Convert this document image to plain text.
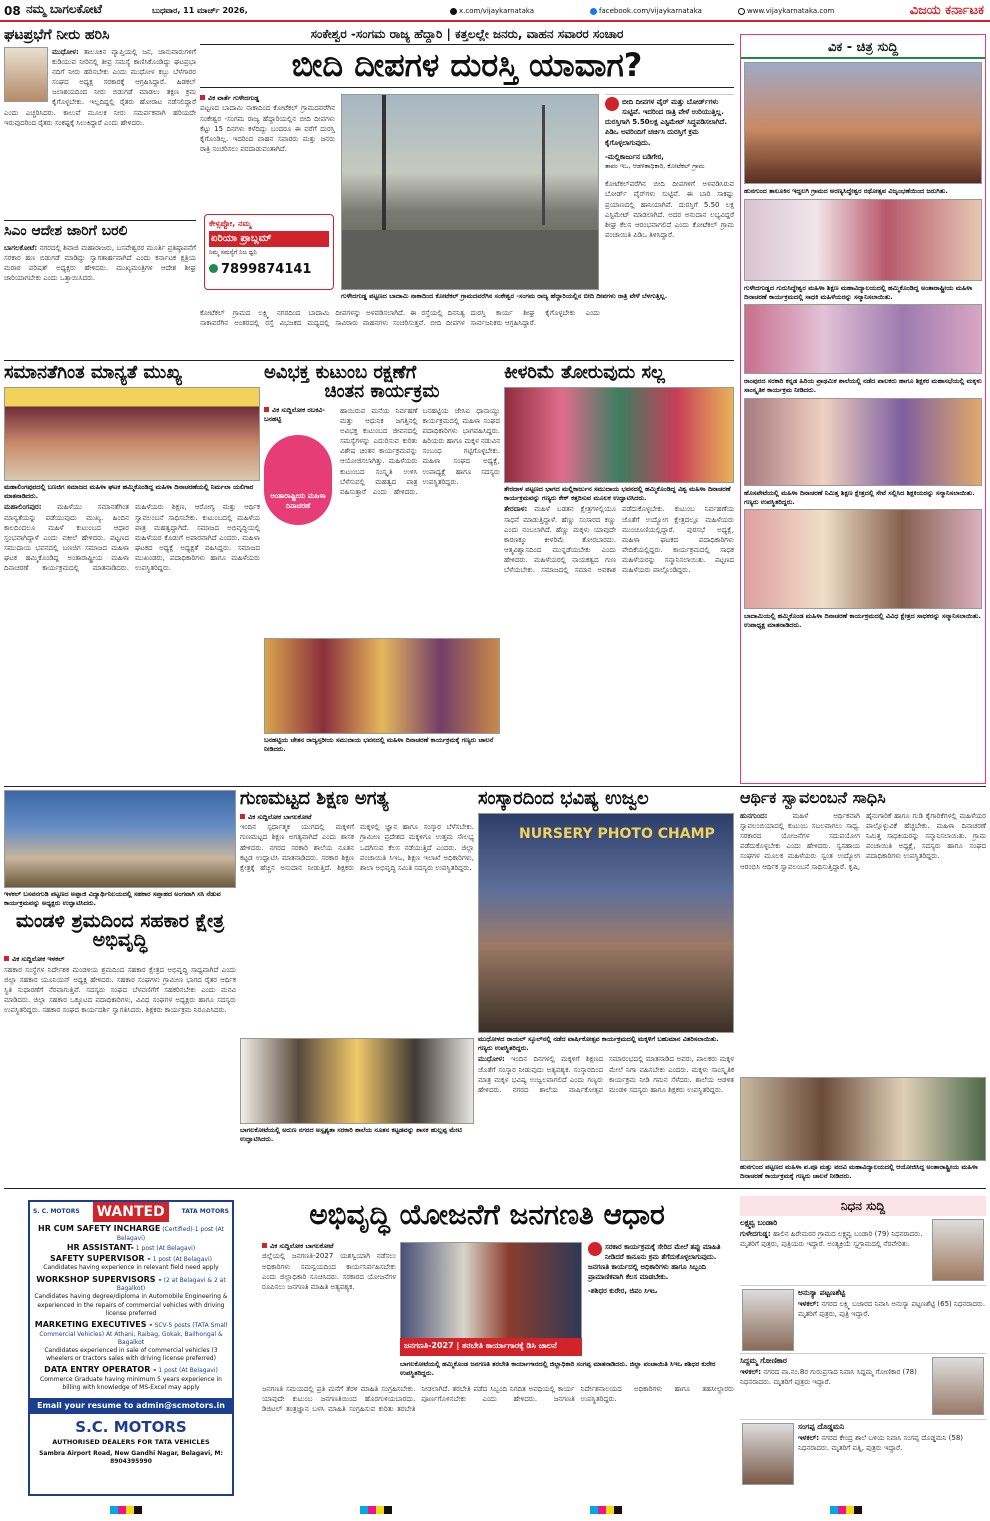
08 ನಮ್ಮ ಬಾಗಲಕೋಟೆ	ಬುಧವಾರ, 11 ಮಾರ್ಚ್ 2026,	x.com/vijaykarnataka	facebook.com/vijaykarnataka	www.vijaykarnataka.com	ವಿಜಯ ಕರ್ನಾಟಕ
ಘಟಪ್ರಭೆಗೆ ನೀರು ಹರಿಸಿ
ಮುಧೋಳ: ತಾಲೂಕಿನ ವ್ಯಾಪ್ತಿಯಲ್ಲಿ ಜನ, ಜಾನುವಾರುಗಳಿಗೆ ಕುಡಿಯುವ ನೀರಿನಲ್ಲಿ ತೀವ್ರ ಸಮಸ್ಯೆ ಕಾಣಿಸಿಕೊಂಡಿದ್ದು ಘಟಪ್ರಭಾ ನದಿಗೆ ನೀರು ಹರಿಸಬೇಕು ಎಂದು ಮುಧೋಳ ಕಬ್ಬು ಬೆಳೆಗಾರರ ಸಂಘದ ಅಧ್ಯಕ್ಷ ಸರಕಾರಕ್ಕೆ ಆಗ್ರಹಿಸಿದ್ದಾರೆ. ಹಿಡಕಲ್ ಜಲಾಶಯದಿಂದ ನೀರು ಬಿಡುಗಡೆ ಮಾಡಲು ತಕ್ಷಣ ಕ್ರಮ ಕೈಗೊಳ್ಳಬೇಕು. ಇಲ್ಲದಿದ್ದಲ್ಲಿ ರೈತರು ಹೋರಾಟ ನಡೆಸಲಿದ್ದಾರೆ ಎಂದು ಎಚ್ಚರಿಸಿದರು. ಕಾಲುವೆ ಮೂಲಕ ನೀರು ಸಮರ್ಪಕವಾಗಿ ಹರಿಯದೇ ಇರುವುದರಿಂದ ರೈತರು ಸಂಕಷ್ಟಕ್ಕೆ ಸಿಲುಕಿದ್ದಾರೆ ಎಂದು ಹೇಳಿದರು.
ಸಿಎಂ ಆದೇಶ ಜಾರಿಗೆ ಬರಲಿ
ಬಾಗಲಕೋಟೆ: ನಗರದಲ್ಲಿ ಶಿವಾಜಿ ಮಹಾರಾಜರು, ಬಸವೇಶ್ವರರ ಮೂರ್ತಿ ಪ್ರತಿಷ್ಠಾಪನೆಗೆ ಸರಕಾರ ಹಣ ಬಿಡುಗಡೆ ಮಾಡಿದ್ದು ಸ್ವಾಗತಾರ್ಹವಾಗಿದೆ ಎಂದು ಕರ್ನಾಟಕ ಕ್ಷತ್ರಿಯ ಮರಾಠ ಪರಿಷತ್ ಅಧ್ಯಕ್ಷರು ಹೇಳಿದರು. ಮುಖ್ಯಮಂತ್ರಿಗಳ ಆದೇಶ ಶೀಘ್ರ ಜಾರಿಯಾಗಬೇಕು ಎಂದು ಒತ್ತಾಯಿಸಿದರು.
ಸಂಕೇಶ್ವರ -ಸಂಗಮ ರಾಜ್ಯ ಹೆದ್ದಾರಿ | ಕತ್ತಲಲ್ಲೇ ಜನರು, ವಾಹನ ಸವಾರರ ಸಂಚಾರ
ಬೀದಿ ದೀಪಗಳ ದುರಸ್ತಿ ಯಾವಾಗ?
ವಿಕ ವಾರ್ತೆ ಗುಳೇದಗುಡ್ಡ
ಪಟ್ಟಣದ ಬಾದಾಮಿ ನಾಕಾದಿಂದ ಕೋಟೆಕಲ್ ಗ್ರಾಮದವರೆಗಿನ ಸಂಕೇಶ್ವರ -ಸಂಗಮ ರಾಜ್ಯ ಹೆದ್ದಾರಿಯಲ್ಲಿನ ಬೀದಿ ದೀಪಗಳು ಕೆಟ್ಟು 15 ದಿನಗಳು ಕಳೆದಿದ್ದು ಬಂದರೂ ಈ ವರೆಗೆ ದುರಸ್ತಿ ಕೈಗೊಂಡಿಲ್ಲ. ಇದರಿಂದ ವಾಹನ ಸವಾರರು ಮತ್ತು ಜನರು ರಾತ್ರಿ ಸಂಚರಿಸಲು ಪರದಾಡುವಂತಾಗಿದೆ.
ಕೇಳ್ಸಪ್ಪೋ, ನಮ್ಮ
ಏರಿಯಾ ಪ್ರಾಬ್ಲಮ್
ನಿಮ್ಮ ಸಮಸ್ಯೆಗೆ ನಿಜ ಧ್ವನಿ
7899874141
ಬೀದಿ ದೀಪಗಳ ವೈರ್ ಮತ್ತು ಬೋರ್ಡ್‌ಗಳು ಸುಟ್ಟಿವೆ. ಇದರಿಂದ ರಾತ್ರಿ ವೇಳೆ ಉರಿಯುತ್ತಿಲ್ಲ. ದುರಸ್ತಿಗಾಗಿ 5.50ಲಕ್ಷ ಎಸ್ಟಿಮೇಟ್ ಸಿದ್ಧಪಡಿಸಲಾಗಿದೆ. ಪಿಡಿಒ ಅವರಿಂದಿಗೆ ಚರ್ಚಿಸಿ ದುರಸ್ತಿಗೆ ಕ್ರಮ ಕೈಗೊಳ್ಳಲಾಗುವುದು.
-ಮಲ್ಲಿಕಾರ್ಜುನ ಬಡಿಗೇರ,
ತಾಪಂ ಇಒ, ಆಡಳಿತಾಧಿಕಾರಿ, ಕೋಟೆಕಲ್ ಗ್ರಾಮ
ಕೋಟೆಕಲ್‌ವರೆಗಿನ ಬೀದಿ ದೀಪಗಳಿಗೆ ಅಳವಡಿಸಿರುವ ಬೋರ್ಡ್ ವೈರ್‌ಗಳು ಸುಟ್ಟಿವೆ. ಈ ಬಾರಿ ಸಾಕಷ್ಟು ಪ್ರಯಾಣದಲ್ಲಿ ಹಾನಿಯಾಗಿವೆ. ದುರಸ್ತಿಗೆ 5.50 ಲಕ್ಷ ಎಸ್ಟಿಮೇಟ್ ಮಾಡಲಾಗಿದೆ. ಅದರ ಅನುದಾನ ಲಭ್ಯವಿದ್ದರೆ ಶೀಘ್ರ ಕೆಲಸ ಆರಂಭವಾಗಲಿದೆ ಎಂದು ಕೋಟೆಕಲ್ ಗ್ರಾಮ ಪಂಚಾಯಿತಿ ಪಿಡಿಒ ತಿಳಿಸಿದ್ದಾರೆ.
ಗುಳೇದಗುಡ್ಡ ಪಟ್ಟಣದ ಬಾದಾಮಿ ನಾಕಾದಿಂದ ಕೋಟೆಕಲ್ ಗ್ರಾಮದವರೆಗಿನ ಸಂಕೇಶ್ವರ -ಸಂಗಮ ರಾಜ್ಯ ಹೆದ್ದಾರಿಯಲ್ಲಿನ ಬೀದಿ ದೀಪಗಳು ರಾತ್ರಿ ವೇಳೆ ಬೆಳಗುತ್ತಿಲ್ಲ.
ಕೋಟೆಕಲ್ ಗ್ರಾಮದ ಲಕ್ಷ್ಮಿ ನಗರದಿಂದ ಬಾದಾಮಿ ನಾಕಾವರೆಗಿನ ಅಂತರದಲ್ಲಿ ರಸ್ತೆ ವಿಭಜಕದ ಮಧ್ಯದಲ್ಲಿ ದೀಪಗಳನ್ನು ಅಳವಡಿಸಲಾಗಿದೆ. ಈ ರಸ್ತೆಯಲ್ಲಿ ದಿನನಿತ್ಯ ಸಾವಿರಾರು ವಾಹನಗಳು ಸಂಚರಿಸುತ್ತವೆ. ಬೀದಿ ದೀಪಗಳ ದುರಸ್ತಿ ಕಾರ್ಯ ಶೀಘ್ರ ಕೈಗೊಳ್ಳಬೇಕು ಎಂದು ಸಾರ್ವಜನಿಕರು ಆಗ್ರಹಿಸಿದ್ದಾರೆ.
ವಿಕ - ಚಿತ್ರ ಸುದ್ದಿ
ಹುನಗುಂದ ತಾಲೂಕಿನ ಇದ್ದಲಗಿ ಗ್ರಾಮದ ಅರಣ್ಯಸಿದ್ಧೇಶ್ವರ ರಥೋತ್ಸವ ವಿಜೃಂಭಣೆಯಿಂದ ಜರುಗಿತು.
ಗುಳೇದಗುಡ್ಡದ ಗುರುಸಿದ್ಧೇಶ್ವರ ಮಹಿಳಾ ಶಿಕ್ಷಣ ಮಹಾವಿದ್ಯಾಲಯದಲ್ಲಿ ಹಮ್ಮಿಕೊಂಡಿದ್ದ ಅಂತಾರಾಷ್ಟ್ರೀಯ ಮಹಿಳಾ ದಿನಾಚರಣೆ ಕಾರ್ಯಕ್ರಮದಲ್ಲಿ ಸಾಧಕಿ ಮಹಿಳೆಯರನ್ನು ಸನ್ಮಾನಿಸಲಾಯಿತು.
ರಾಂಪುರದ ಸರಕಾರಿ ಕನ್ನಡ ಹಿರಿಯ ಪ್ರಾಥಮಿಕ ಶಾಲೆಯಲ್ಲಿ ನಡೆದ ಪಾಲಕರು ಹಾಗೂ ಶಿಕ್ಷಕರ ಮಹಾಸಭೆಯಲ್ಲಿ ಮಕ್ಕಳು ಸಾಂಸ್ಕೃತಿಕ ಕಾರ್ಯಕ್ರಮ ನೀಡಿದರು.
ಹೊಸಪೇಟೆಯಲ್ಲಿ ಮಹಿಳಾ ದಿನಾಚರಣೆ ನಿಮಿತ್ತ ಶಿಕ್ಷಣ ಕ್ಷೇತ್ರದಲ್ಲಿ ಸೇವೆ ಸಲ್ಲಿಸಿದ ಶಿಕ್ಷಕಿಯರನ್ನು ಸನ್ಮಾನಿಸಲಾಯಿತು. ಗಣ್ಯರು ಉಪಸ್ಥಿತರಿದ್ದರು.
ಬಾದಾಮಿಯಲ್ಲಿ ಹಮ್ಮಿಕೊಂಡ ಮಹಿಳಾ ದಿನಾಚರಣೆ ಕಾರ್ಯಕ್ರಮದಲ್ಲಿ ವಿವಿಧ ಕ್ಷೇತ್ರದ ಸಾಧಕರನ್ನು ಸನ್ಮಾನಿಸಲಾಯಿತು. ಉಪಾಧ್ಯಕ್ಷ ಮಾತನಾಡಿದರು.
ಸಮಾನತೆಗಿಂತ ಮಾನ್ಯತೆ ಮುಖ್ಯ
ಮಹಾಲಿಂಗಪುರದಲ್ಲಿ ಬಣಜಿಗ ಸಮಾಜದ ಮಹಿಳಾ ಘಟಕ ಹಮ್ಮಿಕೊಂಡಿದ್ದ ಮಹಿಳಾ ದಿನಾಚರಣೆಯಲ್ಲಿ ನಿರ್ಮಲಾ ಯಲಿಗಾರ ಮಾತನಾಡಿದರು.
ಮಹಾಲಿಂಗಪುರ: ಮಹಿಳೆಯು ಸಮಾನತೆಗಿಂತ ಮಾನ್ಯತೆಯನ್ನು ಪಡೆಯುವುದು ಮುಖ್ಯ. ಹಿಂದಿನ ಕಾಲದಿಂದಲೂ ಮಹಿಳೆ ಕುಟುಂಬದ ಆಧಾರ ಸ್ತಂಭವಾಗಿದ್ದಾಳೆ ಎಂದು ವಕೀಲೆ ಹೇಳಿದರು. ಪಟ್ಟಣದ ಸಮುದಾಯ ಭವನದಲ್ಲಿ ಬಣಜಿಗ ಸಮಾಜದ ಮಹಿಳಾ ಘಟಕ ಹಮ್ಮಿಕೊಂಡಿದ್ದ ಅಂತಾರಾಷ್ಟ್ರೀಯ ಮಹಿಳಾ ದಿನಾಚರಣೆ ಕಾರ್ಯಕ್ರಮದಲ್ಲಿ ಮಾತನಾಡಿದರು. ಮಹಿಳೆಯರು ಶಿಕ್ಷಣ, ಆರೋಗ್ಯ ಮತ್ತು ಆರ್ಥಿಕ ಸ್ವಾವಲಂಬನೆ ಸಾಧಿಸಬೇಕು. ಕುಟುಂಬದಲ್ಲಿ ಮಹಿಳೆಯ ಪಾತ್ರ ಮಹತ್ವದ್ದಾಗಿದೆ. ಸಮಾಜದ ಅಭಿವೃದ್ಧಿಯಲ್ಲಿ ಮಹಿಳೆಯರ ಕೊಡುಗೆ ಅಪಾರವಾಗಿದೆ ಎಂದರು. ಮಹಿಳಾ ಘಟಕದ ಅಧ್ಯಕ್ಷೆ ಅಧ್ಯಕ್ಷತೆ ವಹಿಸಿದ್ದರು. ಸಮಾಜದ ಮುಖಂಡರು, ಪದಾಧಿಕಾರಿಗಳು ಹಾಗೂ ಮಹಿಳೆಯರು ಉಪಸ್ಥಿತರಿದ್ದರು.
ಅವಿಭಕ್ತ ಕುಟುಂಬ ರಕ್ಷಣೆಗೆ
ಚಿಂತನ ಕಾರ್ಯಕ್ರಮ
ವಿಕ ಸುದ್ದಿಲೋಕ ರಬಕವಿ-ಬನಹಟ್ಟಿ
ಅಂತಾರಾಷ್ಟ್ರೀಯ ಮಹಿಳಾ ದಿನಾಚರಣೆ
ಹಾಯಿರುವ ಮನೆಯ ನಿರ್ವಹಣೆ ಮತ್ತು ಆಧುನಿಕ ಜಗತ್ತಿನಲ್ಲಿ ಅವಿಭಕ್ತ ಕುಟುಂಬದ ಜೀವನದಲ್ಲಿ ಸಮಸ್ಯೆಗಳನ್ನು ಎದುರಿಸುವ ಕುರಿತು ವಿಶೇಷ ಚಿಂತನ ಕಾರ್ಯಕ್ರಮವನ್ನು ಆಯೋಜಿಸಲಾಗಿತ್ತು. ಮಹಿಳೆಯರು ಕುಟುಂಬದ ಸಂಸ್ಕೃತಿ ಉಳಿಸಿ ಬೆಳೆಸುವಲ್ಲಿ ಮಹತ್ವದ ಪಾತ್ರ ವಹಿಸುತ್ತಾರೆ ಎಂದು ಹೇಳಿದರು. ಬನಹಟ್ಟಿಯ ಜೇಸಿಐ ಧಾನಾಯ್ದು ಕಾರ್ಯಕ್ರಮದಲ್ಲಿ ಮಹಿಳಾ ಸಂಘದ ಪದಾಧಿಕಾರಿಗಳು ಭಾಗವಹಿಸಿದ್ದರು. ಹಿರಿಯರು ಹಾಗೂ ಮಕ್ಕಳ ನಡುವಿನ ಸಂಬಂಧ ಗಟ್ಟಿಗೊಳ್ಳಬೇಕು. ಮಹಿಳಾ ಸಂಘದ ಅಧ್ಯಕ್ಷೆ, ಉಪಾಧ್ಯಕ್ಷೆ ಹಾಗೂ ಸದಸ್ಯರು ಉಪಸ್ಥಿತರಿದ್ದರು.
ಬನಹಟ್ಟಿಯ ಚೇತನ ರಾಜ್ಯಸ್ತರೀಯ ಸಮುದಾಯ ಭವನದಲ್ಲಿ ಮಹಿಳಾ ದಿನಾಚರಣೆ ಕಾರ್ಯಕ್ರಮಕ್ಕೆ ಗಣ್ಯರು ಚಾಲನೆ ನೀಡಿದರು.
ಕೀಳರಿಮೆ ತೋರುವುದು ಸಲ್ಲ
ತೇರದಾಳ ಪಟ್ಟಣದ ಭಾಗದ ಮಲ್ಲಿಕಾರ್ಜುನ ಸಮುದಾಯ ಭವನದಲ್ಲಿ ಹಮ್ಮಿಕೊಂಡಿದ್ದ ವಿಶ್ವ ಮಹಿಳಾ ದಿನಾಚರಣೆ ಕಾರ್ಯಕ್ರಮವನ್ನು ಗಣ್ಯರು ಕೇಕ್ ಕತ್ತರಿಸುವ ಮೂಲಕ ಉದ್ಘಾಟಿಸಿದರು.
ತೇರದಾಳ: ಮಹಿಳೆ ಬಡತನ ಕ್ಷೇತ್ರಗಳಲ್ಲಿಯೂ ಸಾಧನೆ ಮಾಡುತ್ತಿದ್ದಾಳೆ. ಹೆಣ್ಣು ಸಂಸಾರದ ಕಣ್ಣು ಎಂದು ನಂಬಲಾಗಿದೆ. ಹೆಣ್ಣು ಮಕ್ಕಳು ಯಾವುದೇ ಕಾರಣಕ್ಕೂ ಕೀಳರಿಮೆ ತೋರಬಾರದು. ಆತ್ಮವಿಶ್ವಾಸದಿಂದ ಮುನ್ನಡೆಯಬೇಕು ಎಂದು ಹೇಳಿದರು. ಮಹಿಳೆಯರಲ್ಲಿ ನಾಯಕತ್ವದ ಗುಣ ಬೆಳೆಯಬೇಕು. ಸಮಾಜದಲ್ಲಿ ಸಮಾನ ಅವಕಾಶ ಪಡೆದುಕೊಳ್ಳಬೇಕು. ಕುಟುಂಬ ನಿರ್ವಹಣೆಯ ಜೊತೆಗೆ ಉದ್ಯೋಗ ಕ್ಷೇತ್ರದಲ್ಲೂ ಮಹಿಳೆಯರು ಮುಂಚೂಣಿಯಲ್ಲಿದ್ದಾರೆ. ಪುರಸಭೆ ಅಧ್ಯಕ್ಷೆ, ಮಹಿಳಾ ಘಟಕದ ಪದಾಧಿಕಾರಿಗಳು ವೇದಿಕೆಯಲ್ಲಿದ್ದರು. ಕಾರ್ಯಕ್ರಮದಲ್ಲಿ ಸಾಧಕ ಮಹಿಳೆಯರನ್ನು ಸನ್ಮಾನಿಸಲಾಯಿತು. ಪಟ್ಟಣದ ಮಹಿಳೆಯರು ಪಾಲ್ಗೊಂಡಿದ್ದರು.
ಇಳಕಲ್ ಬಸವನಗುಡಿ ಪಟ್ಟಣದ ಅಪ್ಪಾಜಿ ವಿದ್ಯಾರ್ಥಿನಿಲಯದಲ್ಲಿ ಸಹಕಾರ ಸಪ್ತಾಹದ ಅಂಗವಾಗಿ ಸಸಿ ನೆಡುವ ಕಾರ್ಯಕ್ರಮವನ್ನು ಅಧ್ಯಕ್ಷರು ಉದ್ಘಾಟಿಸಿದರು.
ಮಂಡಳಿ ಶ್ರಮದಿಂದ ಸಹಕಾರ ಕ್ಷೇತ್ರ ಅಭಿವೃದ್ಧಿ
ವಿಕ ಸುದ್ದಿಲೋಕ ಇಳಕಲ್
ಸಹಕಾರ ಸಂಸ್ಥೆಗಳ ನಿರ್ದೇಶಕ ಮಂಡಳಿಯ ಶ್ರಮದಿಂದ ಸಹಕಾರ ಕ್ಷೇತ್ರದ ಅಭಿವೃದ್ಧಿ ಸಾಧ್ಯವಾಗಿದೆ ಎಂದು ಜಿಲ್ಲಾ ಸಹಕಾರ ಯೂನಿಯನ್ ಅಧ್ಯಕ್ಷ ಹೇಳಿದರು. ಸಹಕಾರ ಸಂಘಗಳು ಗ್ರಾಮೀಣ ಭಾಗದ ರೈತರ ಆರ್ಥಿಕ ಸ್ಥಿತಿ ಸುಧಾರಣೆಗೆ ನೆರವಾಗುತ್ತಿವೆ. ಸದಸ್ಯರು ಸಂಘದ ಬೆಳವಣಿಗೆಗೆ ಸಹಕರಿಸಬೇಕು ಎಂದು ಮನವಿ ಮಾಡಿದರು. ಜಿಲ್ಲಾ ಸಹಕಾರ ಒಕ್ಕೂಟದ ಪದಾಧಿಕಾರಿಗಳು, ವಿವಿಧ ಸಂಘಗಳ ಅಧ್ಯಕ್ಷರು ಹಾಗೂ ಸದಸ್ಯರು ಉಪಸ್ಥಿತರಿದ್ದರು. ಸಹಕಾರ ಸಂಘದ ಕಾರ್ಯದರ್ಶಿ ಸ್ವಾಗತಿಸಿದರು. ಶಿಕ್ಷಕರು ಕಾರ್ಯಕ್ರಮ ನಿರೂಪಿಸಿದರು.
ಗುಣಮಟ್ಟದ ಶಿಕ್ಷಣ ಅಗತ್ಯ
ವಿಕ ಸುದ್ದಿಲೋಕ ಬಾಗಲಕೋಟೆ
ಇಂದಿನ ಸ್ಪರ್ಧಾತ್ಮಕ ಯುಗದಲ್ಲಿ ಮಕ್ಕಳಿಗೆ ಗುಣಮಟ್ಟದ ಶಿಕ್ಷಣ ಅಗತ್ಯವಾಗಿದೆ ಎಂದು ಶಾಸಕ ಹೇಳಿದರು. ನಗರದ ಸರಕಾರಿ ಶಾಲೆಯ ನೂತನ ಕಟ್ಟಡ ಉದ್ಘಾಟಿಸಿ ಮಾತನಾಡಿದರು. ಸರಕಾರ ಶಿಕ್ಷಣ ಕ್ಷೇತ್ರಕ್ಕೆ ಹೆಚ್ಚಿನ ಅನುದಾನ ನೀಡುತ್ತಿದೆ. ಶಿಕ್ಷಕರು ಮಕ್ಕಳಲ್ಲಿ ಜ್ಞಾನ ಹಾಗೂ ಸಂಸ್ಕಾರ ಬೆಳೆಸಬೇಕು. ಗ್ರಾಮೀಣ ಪ್ರದೇಶದ ಮಕ್ಕಳಿಗೂ ಉತ್ತಮ ಸೌಲಭ್ಯ ಒದಗಿಸುವ ಕೆಲಸ ನಡೆಯುತ್ತಿದೆ ಎಂದರು. ಜಿಲ್ಲಾ ಪಂಚಾಯಿತಿ ಸಿಇಒ, ಶಿಕ್ಷಣ ಇಲಾಖೆ ಅಧಿಕಾರಿಗಳು, ಶಾಲಾ ಅಭಿವೃದ್ಧಿ ಸಮಿತಿ ಸದಸ್ಯರು ಉಪಸ್ಥಿತರಿದ್ದರು.
ಬಾಗಲಕೋಟೆಯಲ್ಲಿ ಅರುಣ ನಗರದ ಅಸ್ಪೃಶ್ಯತಾ ಸರಕಾರಿ ಶಾಲೆಯ ನೂತನ ಕಟ್ಟಡವನ್ನು ಶಾಸಕ ಹುಲ್ಲಪ್ಪ ಮೇಟಿ ಉದ್ಘಾಟಿಸಿದರು.
ಸಂಸ್ಕಾರದಿಂದ ಭವಿಷ್ಯ ಉಜ್ವಲ
NURSERY PHOTO CHAMP
ಮುಧೋಳದ ರಾಯಲ್ ಸ್ಕೂಲ್‌ನಲ್ಲಿ ನಡೆದ ವಾರ್ಷಿಕೋತ್ಸವ ಕಾರ್ಯಕ್ರಮದಲ್ಲಿ ಮಕ್ಕಳಿಗೆ ಬಹುಮಾನ ವಿತರಿಸಲಾಯಿತು. ಗಣ್ಯರು ಉಪಸ್ಥಿತರಿದ್ದರು.
ಮುಧೋಳ: ಇಂದಿನ ದಿನಗಳಲ್ಲಿ ಮಕ್ಕಳಿಗೆ ಶಿಕ್ಷಣದ ಜೊತೆಗೆ ಸಂಸ್ಕಾರ ನೀಡುವುದು ಅತ್ಯವಶ್ಯಕ. ಸಂಸ್ಕಾರದಿಂದ ಮಾತ್ರ ಮಕ್ಕಳ ಭವಿಷ್ಯ ಉಜ್ವಲವಾಗಲಿದೆ ಎಂದು ಗಣ್ಯರು ಹೇಳಿದರು. ನಗರದ ಶಾಲೆಯ ವಾರ್ಷಿಕೋತ್ಸವ ಸಮಾರಂಭದಲ್ಲಿ ಮಾತನಾಡಿದ ಅವರು, ಪಾಲಕರು ಮಕ್ಕಳ ಮೇಲೆ ನಿಗಾ ವಹಿಸಬೇಕು ಎಂದರು. ಮಕ್ಕಳು ಸಾಂಸ್ಕೃತಿಕ ಕಾರ್ಯಕ್ರಮ ನೀಡಿ ಗಮನ ಸೆಳೆದರು. ಶಾಲೆಯ ಆಡಳಿತ ಮಂಡಳಿ ಸದಸ್ಯರು ಹಾಗೂ ಶಿಕ್ಷಕರು ಉಪಸ್ಥಿತರಿದ್ದರು.
ಆರ್ಥಿಕ ಸ್ವಾವಲಂಬನೆ ಸಾಧಿಸಿ
ಹುನಗುಂದ:	ಮಹಿಳೆ ಆರ್ಥಿಕವಾಗಿ ಸ್ವಾವಲಂಬಿಯಾದಲ್ಲಿ ಕುಟುಂಬ ಸಬಲವಾಗಲು ಸಾಧ್ಯ. ಸರಕಾರದ ಯೋಜನೆಗಳ ಸದುಪಯೋಗ ಪಡೆದುಕೊಳ್ಳಬೇಕು ಎಂದು ಹೇಳಿದರು. ಸ್ವಸಹಾಯ ಸಂಘಗಳ ಮೂಲಕ ಮಹಿಳೆಯರು ಸ್ವಂತ ಉದ್ಯೋಗ ಆರಂಭಿಸಿ ಆರ್ಥಿಕ ಸ್ವಾವಲಂಬನೆ ಸಾಧಿಸುತ್ತಿದ್ದಾರೆ. ಕೃಷಿ, ಹೈನುಗಾರಿಕೆ ಹಾಗೂ ಗುಡಿ ಕೈಗಾರಿಕೆಗಳಲ್ಲಿ ಮಹಿಳೆಯರ ಪಾಲ್ಗೊಳ್ಳುವಿಕೆ ಹೆಚ್ಚಬೇಕು. ಮಹಿಳಾ ದಿನಾಚರಣೆ ನಿಮಿತ್ತ ಸಾಧಕಿಯರನ್ನು ಸನ್ಮಾನಿಸಲಾಯಿತು. ಗ್ರಾಮ ಪಂಚಾಯಿತಿ ಅಧ್ಯಕ್ಷೆ, ಸದಸ್ಯರು ಹಾಗೂ ಸಂಘದ ಪದಾಧಿಕಾರಿಗಳು ಉಪಸ್ಥಿತರಿದ್ದರು.
ಹುನಗುಂದ ಪಟ್ಟಣದ ಮಹಿಳಾ ಪ.ಪೂ ಮತ್ತು ಪದವಿ ಮಹಾವಿದ್ಯಾಲಯದಲ್ಲಿ ಆಯೋಜಿಸಿದ್ದ ಅಂತಾರಾಷ್ಟ್ರೀಯ ಮಹಿಳಾ ದಿನಾಚರಣೆ ಕಾರ್ಯಕ್ರಮಕ್ಕೆ ಗಣ್ಯರು ಚಾಲನೆ ನೀಡಿದರು.
S. C. MOTORS WANTED	TATA MOTORS
HR CUM SAFETY INCHARGE (Certified)-1 post (At Belagavi)
HR ASSISTANT- 1 post (At Belagavi)
SAFETY SUPERVISOR - 1 post (At Belagavi)
Candidates having experience in relevant field need apply
WORKSHOP SUPERVISORS - (2 at Belagavi & 2 at Bagalkot)
Candidates having degree/diploma in Automobile Engineering & experienced in the repairs of commercial vehicles with driving license preferred
MARKETING EXECUTIVES - SCV-5 posts (TATA Small Commercial Vehicles) At Athani, Raibag, Gokak, Bailhongal & Bagalkot
Candidates experienced in sale of commercial vehicles (3 wheelers or tractors sales with driving license preferred)
DATA ENTRY OPERATOR - 1 post (At Belagavi)
Commerce Graduate having minimum 5 years experience in billing with knowledge of MS-Excel may apply
Email your resume to admin@scmotors.in
S.C. MOTORS
AUTHORISED DEALERS FOR TATA VEHICLES
Sambra Airport Road, New Gandhi Nagar, Belagavi, M: 8904395990
ಅಭಿವೃದ್ಧಿ ಯೋಜನೆಗೆ ಜನಗಣತಿ ಆಧಾರ
ವಿಕ ಸುದ್ದಿಲೋಕ ಬಾಗಲಕೋಟೆ
ಜಿಲ್ಲೆಯಲ್ಲಿ ಜನಗಣತಿ-2027 ಯಶಸ್ವಿಯಾಗಿ ನಡೆಸಲು ಅಧಿಕಾರಿಗಳು ಸಮನ್ವಯದಿಂದ ಕಾರ್ಯನಿರ್ವಹಿಸಬೇಕು ಎಂದು ಜಿಲ್ಲಾಧಿಕಾರಿ ಸೂಚಿಸಿದರು. ಸರಕಾರದ ಯೋಜನೆಗಳ ರೂಪಿಸಲು ಜನಗಣತಿ ಮಾಹಿತಿ ಅತ್ಯವಶ್ಯಕ.
ಜನಗಣತಿ-2027 | ತರಬೇತಿ ಕಾರ್ಯಾಗಾರಕ್ಕೆ ಡಿಸಿ ಚಾಲನೆ
ಸರಕಾರ ಕಾರ್ಯಕ್ರಮಕ್ಕೆ ಸೇರಿದ ಮೇಲೆ ತಪ್ಪು ಮಾಹಿತಿ ನೀಡಿದರೆ ಕಾನೂನು ಕ್ರಮ ತೆಗೆದುಕೊಳ್ಳಲಾಗುವುದು. ಜನಗಣತಿ ಕಾರ್ಯದಲ್ಲಿ ಅಧಿಕಾರಿಗಳು ಹಾಗೂ ಸಿಬ್ಬಂದಿ ಪ್ರಾಮಾಣಿಕವಾಗಿ ಕೆಲಸ ಮಾಡಬೇಕು.
-ಶಶಿಧರ ಕುರೇರ, ಜಿಪಂ ಸಿಇಒ
ಬಾಗಲಕೋಟೆಯಲ್ಲಿ ಹಮ್ಮಿಕೊಂಡ ಜನಗಣತಿ ತರಬೇತಿ ಕಾರ್ಯಾಗಾರದಲ್ಲಿ ಜಿಲ್ಲಾಧಿಕಾರಿ ಸಂಗಪ್ಪ ಮಾತನಾಡಿದರು. ಜಿಲ್ಲಾ ಪಂಚಾಯಿತಿ ಸಿಇಒ ಶಶಿಧರ ಕುರೇರ ಉಪಸ್ಥಿತರಿದ್ದರು.
ಜನಗಣತಿ ಸಮಯದಲ್ಲಿ ಪ್ರತಿ ಮನೆಗೆ ತೆರಳಿ ಮಾಹಿತಿ ಸಂಗ್ರಹಿಸಬೇಕು. ಯಾವುದೇ ಕುಟುಂಬ ಜನಗಣತಿಯಿಂದ ಹೊರಗುಳಿಯಬಾರದು. ಡಿಜಿಟಲ್ ತಂತ್ರಜ್ಞಾನ ಬಳಸಿ ಮಾಹಿತಿ ಸಂಗ್ರಹಿಸುವ ಕುರಿತು ತರಬೇತಿ ನೀಡಲಾಗಿದೆ. ತರಬೇತಿ ಪಡೆದ ಸಿಬ್ಬಂದಿ ನಿಗದಿತ ಅವಧಿಯಲ್ಲಿ ಕಾರ್ಯ ಪೂರ್ಣಗೊಳಿಸಬೇಕು ಎಂದು ಹೇಳಿದರು. ಜನಗಣತಿ ನಿರ್ದೇಶನಾಲಯದ ಅಧಿಕಾರಿಗಳು ಹಾಗೂ ತಹಸೀಲ್ದಾರರು ಉಪಸ್ಥಿತರಿದ್ದರು.
ನಿಧನ ಸುದ್ದಿ
ಲಕ್ಷ್ಮವ್ವ ಬಂಡಾರಿ
ಗುಳೇದಗುಡ್ಡ: ಹಾಲಿನ ಹಿರೇಮಠರ ಗ್ರಾಮದ ಲಕ್ಷ್ಮವ್ವ ಬಂಡಾರಿ (79) ನಿಧನರಾದರು. ಮೃತರಿಗೆ ಪುತ್ರರು, ಪುತ್ರಿಯರು ಇದ್ದಾರೆ. ಅಂತ್ಯಕ್ರಿಯೆ ಸ್ವಗ್ರಾಮದಲ್ಲಿ ನೆರವೇರಿತು.
ಅನುಸ್ಯಾ ಪಟ್ಟಣಶೆಟ್ಟಿ
ಇಳಕಲ್: ನಗರದ ಲಕ್ಷ್ಮಿ ಬಜಾರದ ನಿವಾಸಿ ಅನುಸ್ಯಾ ಪಟ್ಟಣಶೆಟ್ಟಿ (65) ನಿಧನರಾದರು. ಮೃತರಿಗೆ ಪುತ್ರರು, ಪುತ್ರಿ ಇದ್ದಾರೆ.
ಸಿದ್ದಮ್ಮ ಗೋಣಿಕಾರ
ಇಳಕಲ್: ನಗರದ ವಾ.ನಂ.8ರ ಗುರುಪ್ರಸಾದ ನಿವಾಸಿ ಸಿದ್ದಮ್ಮ ಗೋಣಿಕಾರ (78) ನಿಧನರಾದರು. ಮೃತರಿಗೆ ಪುತ್ರರು ಇದ್ದಾರೆ.
ಸಂಗಪ್ಪ ದೊಡ್ಡಮನಿ
ಇಳಕಲ್: ನಗರದ ಕೇಂದ್ರ ಶಾಲೆ ಬಳಿಯ ನಿವಾಸಿ ಸಂಗಪ್ಪ ದೊಡ್ಡಮನಿ (58) ನಿಧನರಾದರು. ಮೃತರಿಗೆ ಪತ್ನಿ, ಪುತ್ರರು ಇದ್ದಾರೆ.
